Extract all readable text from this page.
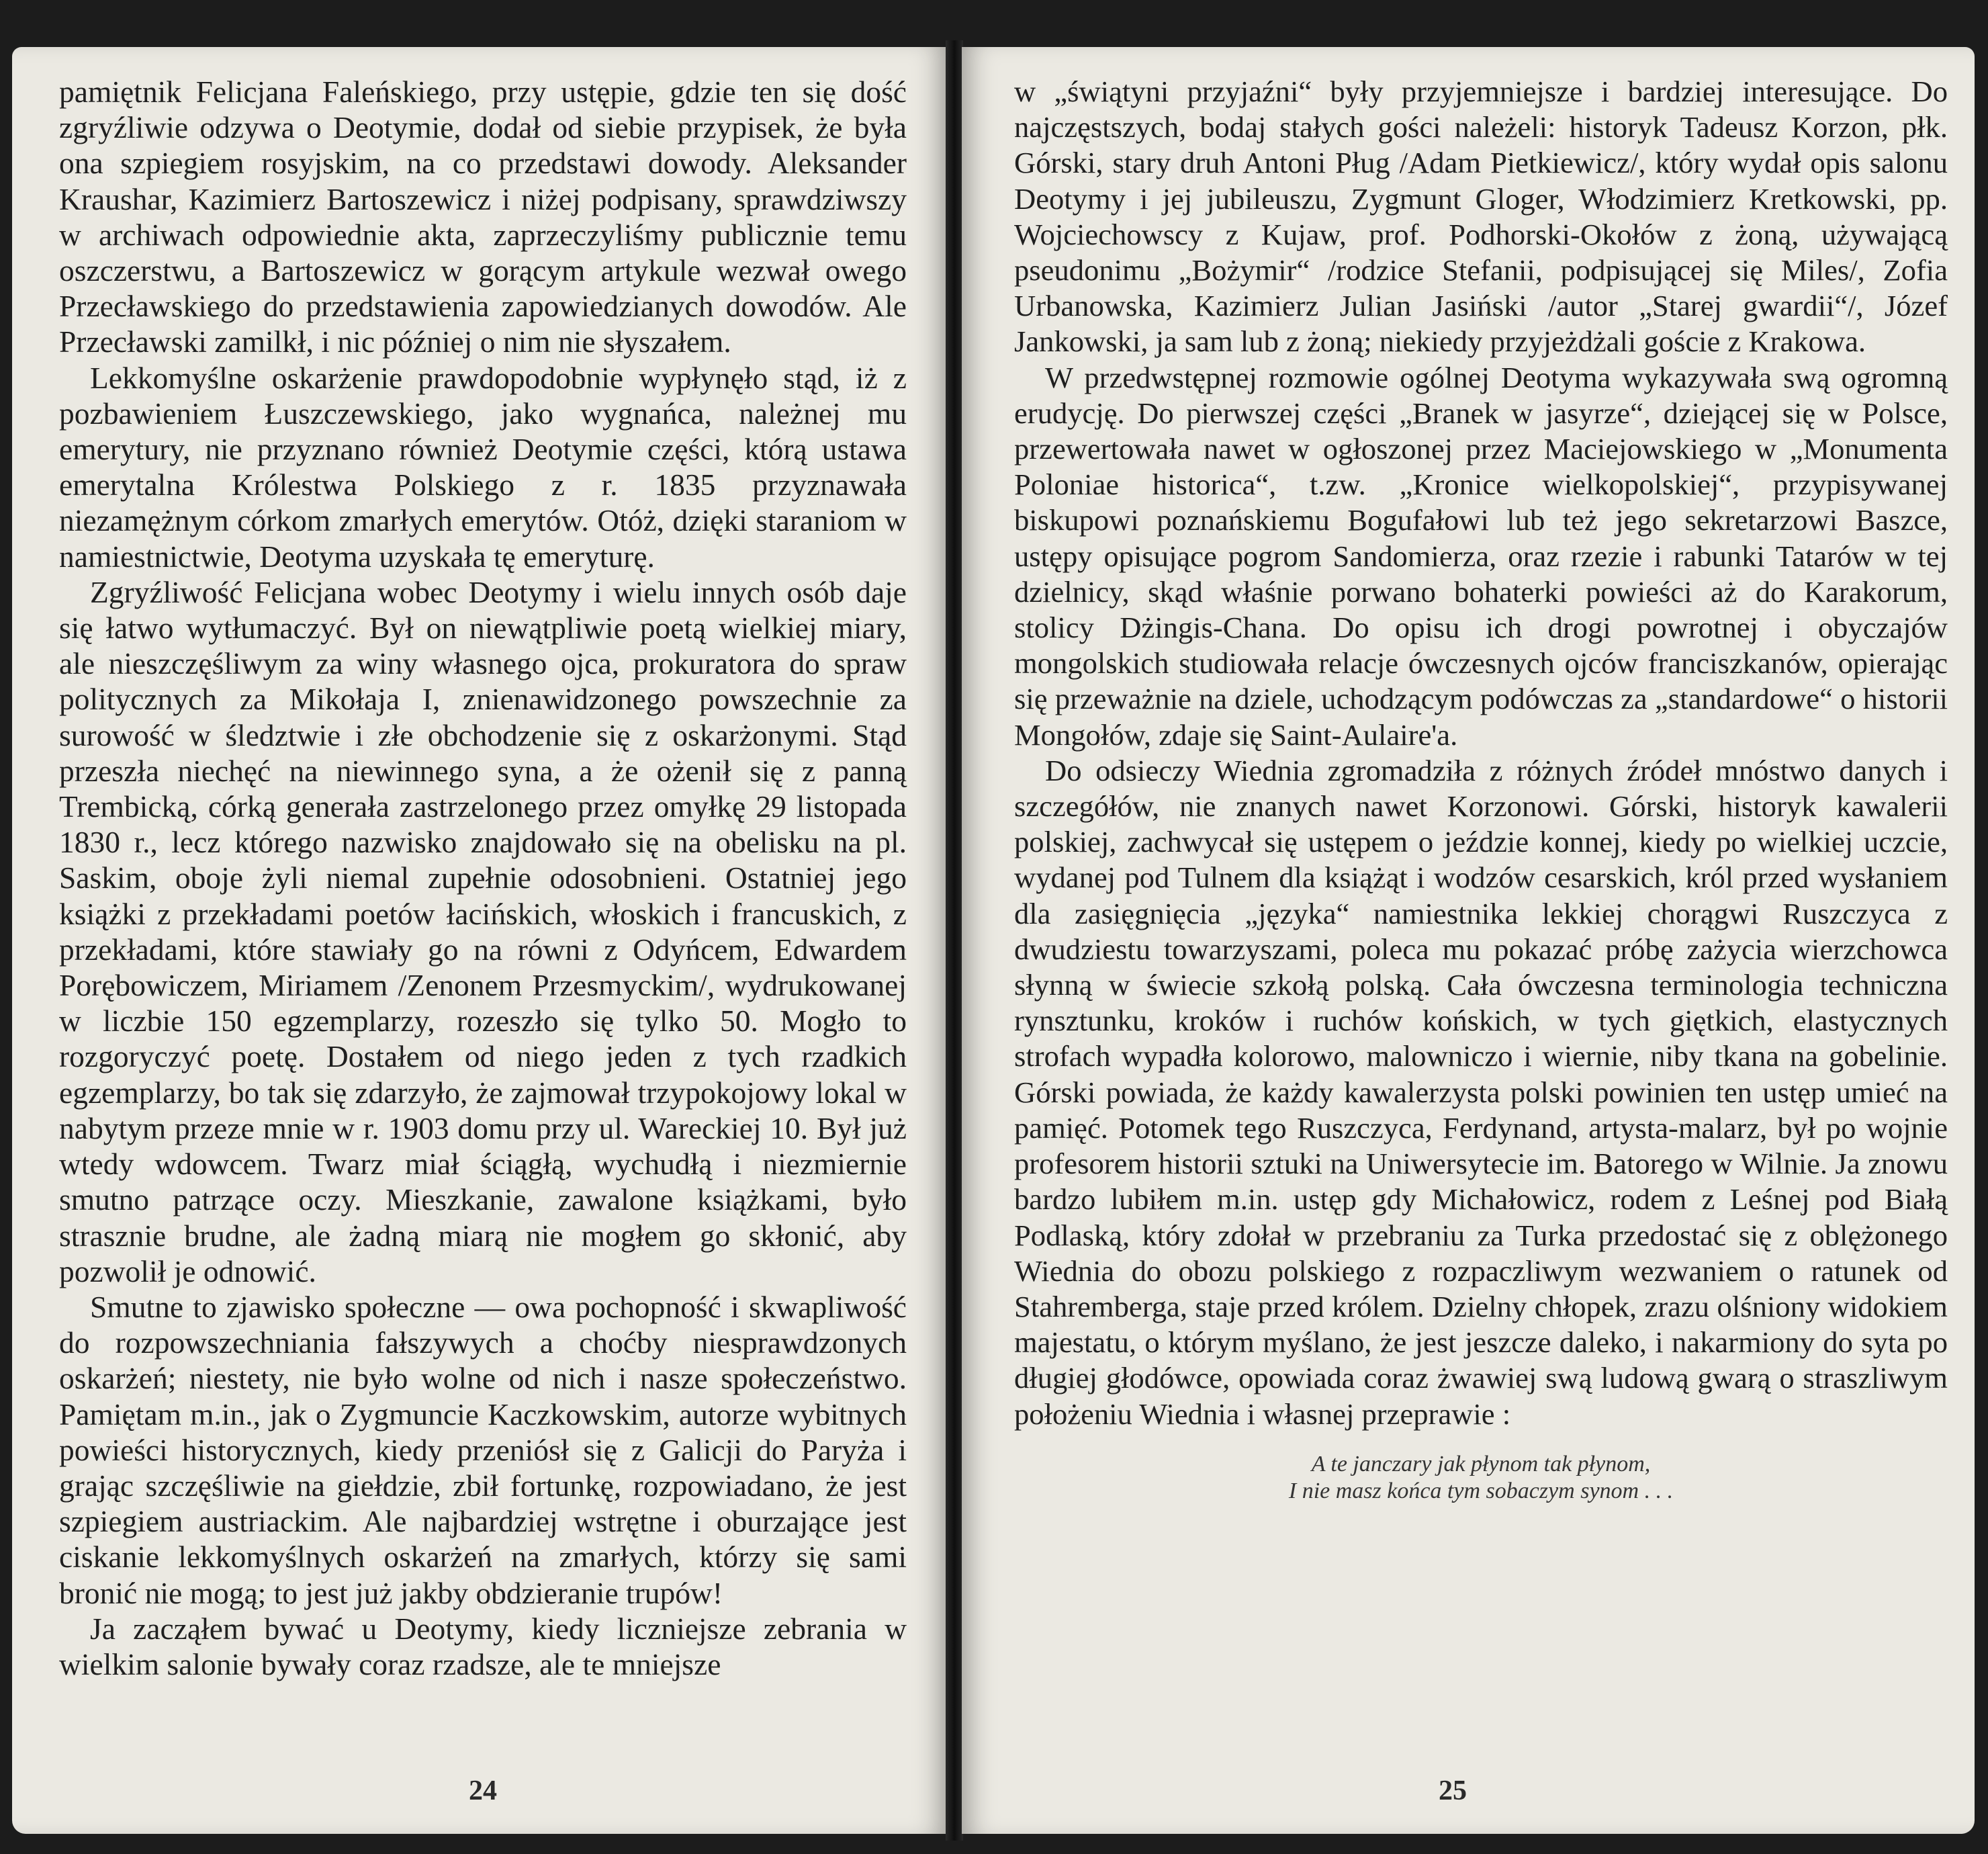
pamiętnik Felicjana Faleńskiego, przy ustępie, gdzie ten się dość zgryźliwie odzywa o Deotymie, dodał od siebie przypisek, że była ona szpiegiem rosyjskim, na co przedstawi dowody. Aleksander Kraushar, Kazimierz Bartoszewicz i niżej podpisany, sprawdziwszy w archiwach odpowiednie akta, zaprzeczyliśmy publicznie temu oszczerstwu, a Bartoszewicz w gorącym artykule wezwał owego Przecławskiego do przedstawienia zapowiedzianych dowodów. Ale Przecławski zamilkł, i nic później o nim nie słyszałem.

Lekkomyślne oskarżenie prawdopodobnie wypłynęło stąd, iż z pozbawieniem Łuszczewskiego, jako wygnańca, należnej mu emerytury, nie przyznano również Deotymie części, którą ustawa emerytalna Królestwa Polskiego z r. 1835 przyznawała niezamężnym córkom zmarłych emerytów. Otóż, dzięki staraniom w namiestnictwie, Deotyma uzyskała tę emeryturę.

Zgryźliwość Felicjana wobec Deotymy i wielu innych osób daje się łatwo wytłumaczyć. Był on niewątpliwie poetą wielkiej miary, ale nieszczęśliwym za winy własnego ojca, prokuratora do spraw politycznych za Mikołaja I, znienawidzonego powszechnie za surowość w śledztwie i złe obchodzenie się z oskarżonymi. Stąd przeszła niechęć na niewinnego syna, a że ożenił się z panną Trembicką, córką generała zastrzelonego przez omyłkę 29 listopada 1830 r., lecz którego nazwisko znajdowało się na obelisku na pl. Saskim, oboje żyli niemal zupełnie odosobnieni. Ostatniej jego książki z przekładami poetów łacińskich, włoskich i francuskich, z przekładami, które stawiały go na równi z Odyńcem, Edwardem Porębowiczem, Miriamem /Zenonem Przesmyckim/, wydrukowanej w liczbie 150 egzemplarzy, rozeszło się tylko 50. Mogło to rozgoryczyć poetę. Dostałem od niego jeden z tych rzadkich egzemplarzy, bo tak się zdarzyło, że zajmował trzypokojowy lokal w nabytym przeze mnie w r. 1903 domu przy ul. Wareckiej 10. Był już wtedy wdowcem. Twarz miał ściągłą, wychudłą i niezmiernie smutno patrzące oczy. Mieszkanie, zawalone książkami, było strasznie brudne, ale żadną miarą nie mogłem go skłonić, aby pozwolił je odnowić.

Smutne to zjawisko społeczne — owa pochopność i skwapliwość do rozpowszechniania fałszywych a choćby niesprawdzonych oskarżeń; niestety, nie było wolne od nich i nasze społeczeństwo. Pamiętam m.in., jak o Zygmuncie Kaczkowskim, autorze wybitnych powieści historycznych, kiedy przeniósł się z Galicji do Paryża i grając szczęśliwie na giełdzie, zbił fortunkę, rozpowiadano, że jest szpiegiem austriackim. Ale najbardziej wstrętne i oburzające jest ciskanie lekkomyślnych oskarżeń na zmarłych, którzy się sami bronić nie mogą; to jest już jakby obdzieranie trupów!

Ja zacząłem bywać u Deotymy, kiedy liczniejsze zebrania w wielkim salonie bywały coraz rzadsze, ale te mniejsze

24

w „świątyni przyjaźni“ były przyjemniejsze i bardziej interesujące. Do najczęstszych, bodaj stałych gości należeli: historyk Tadeusz Korzon, płk. Górski, stary druh Antoni Pług /Adam Pietkiewicz/, który wydał opis salonu Deotymy i jej jubileuszu, Zygmunt Gloger, Włodzimierz Kretkowski, pp. Wojciechowscy z Kujaw, prof. Podhorski-Okołów z żoną, używającą pseudonimu „Bożymir“ /rodzice Stefanii, podpisującej się Miles/, Zofia Urbanowska, Kazimierz Julian Jasiński /autor „Starej gwardii“/, Józef Jankowski, ja sam lub z żoną; niekiedy przyjeżdżali goście z Krakowa.

W przedwstępnej rozmowie ogólnej Deotyma wykazywała swą ogromną erudycję. Do pierwszej części „Branek w jasyrze“, dziejącej się w Polsce, przewertowała nawet w ogłoszonej przez Maciejowskiego w „Monumenta Poloniae historica“, t.zw. „Kronice wielkopolskiej“, przypisywanej biskupowi poznańskiemu Bogufałowi lub też jego sekretarzowi Baszce, ustępy opisujące pogrom Sandomierza, oraz rzezie i rabunki Tatarów w tej dzielnicy, skąd właśnie porwano bohaterki powieści aż do Karakorum, stolicy Dżingis-Chana. Do opisu ich drogi powrotnej i obyczajów mongolskich studiowała relacje ówczesnych ojców franciszkanów, opierając się przeważnie na dziele, uchodzącym podówczas za „standardowe“ o historii Mongołów, zdaje się Saint-Aulaire'a.

Do odsieczy Wiednia zgromadziła z różnych źródeł mnóstwo danych i szczegółów, nie znanych nawet Korzonowi. Górski, historyk kawalerii polskiej, zachwycał się ustępem o jeździe konnej, kiedy po wielkiej uczcie, wydanej pod Tulnem dla książąt i wodzów cesarskich, król przed wysłaniem dla zasięgnięcia „języka“ namiestnika lekkiej chorągwi Ruszczyca z dwudziestu towarzyszami, poleca mu pokazać próbę zażycia wierzchowca słynną w świecie szkołą polską. Cała ówczesna terminologia techniczna rynsztunku, kroków i ruchów końskich, w tych giętkich, elastycznych strofach wypadła kolorowo, malowniczo i wiernie, niby tkana na gobelinie. Górski powiada, że każdy kawalerzysta polski powinien ten ustęp umieć na pamięć. Potomek tego Ruszczyca, Ferdynand, artysta-malarz, był po wojnie profesorem historii sztuki na Uniwersytecie im. Batorego w Wilnie. Ja znowu bardzo lubiłem m.in. ustęp gdy Michałowicz, rodem z Leśnej pod Białą Podlaską, który zdołał w przebraniu za Turka przedostać się z oblężonego Wiednia do obozu polskiego z rozpaczliwym wezwaniem o ratunek od Stahremberga, staje przed królem. Dzielny chłopek, zrazu olśniony widokiem majestatu, o którym myślano, że jest jeszcze daleko, i nakarmiony do syta po długiej głodówce, opowiada coraz żwawiej swą ludową gwarą o straszliwym położeniu Wiednia i własnej przeprawie :

A te janczary jak płynom tak płynom,
I nie masz końca tym sobaczym synom . . .
25
